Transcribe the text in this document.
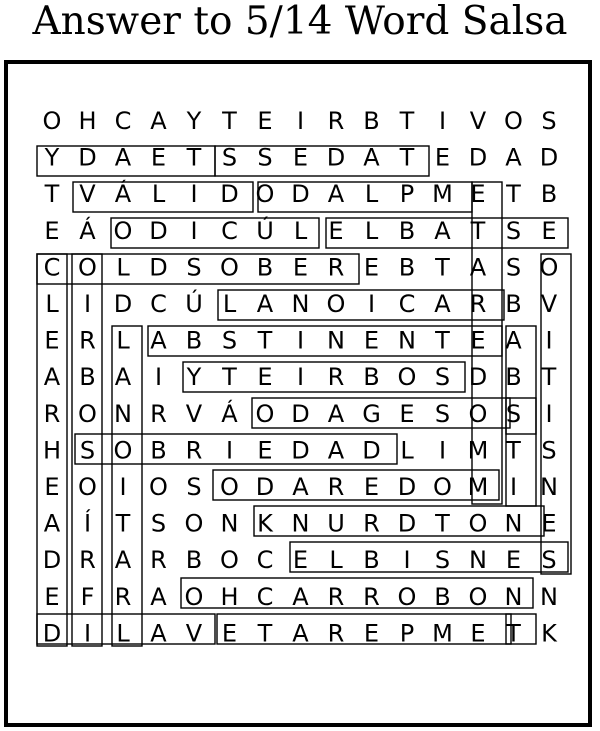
Answer to 5/14 Word Salsa
O H C A Y T E I R B T I V O S
Y D A E T S S E D A T E D A D
T V Á L I D O D A L P M E T B
E Á O D I C Ú L E L B A T S E
C O L D S O B E R E B T A S O
L I D C Ú L A N O I C A R B V
E R L A B S T I N E N T E A I
A B A I Y T E I R B O S D B T
R O N R V Á O D A G E S O S I
H S O B R I E D A D L I M T S
E O I O S O D A R E D O M I N
A Í T S O N K N U R D T O N E
D R A R B O C E L B I S N E S
E F R A O H C A R R O B O N N
D I L A V E T A R E P M E T K
